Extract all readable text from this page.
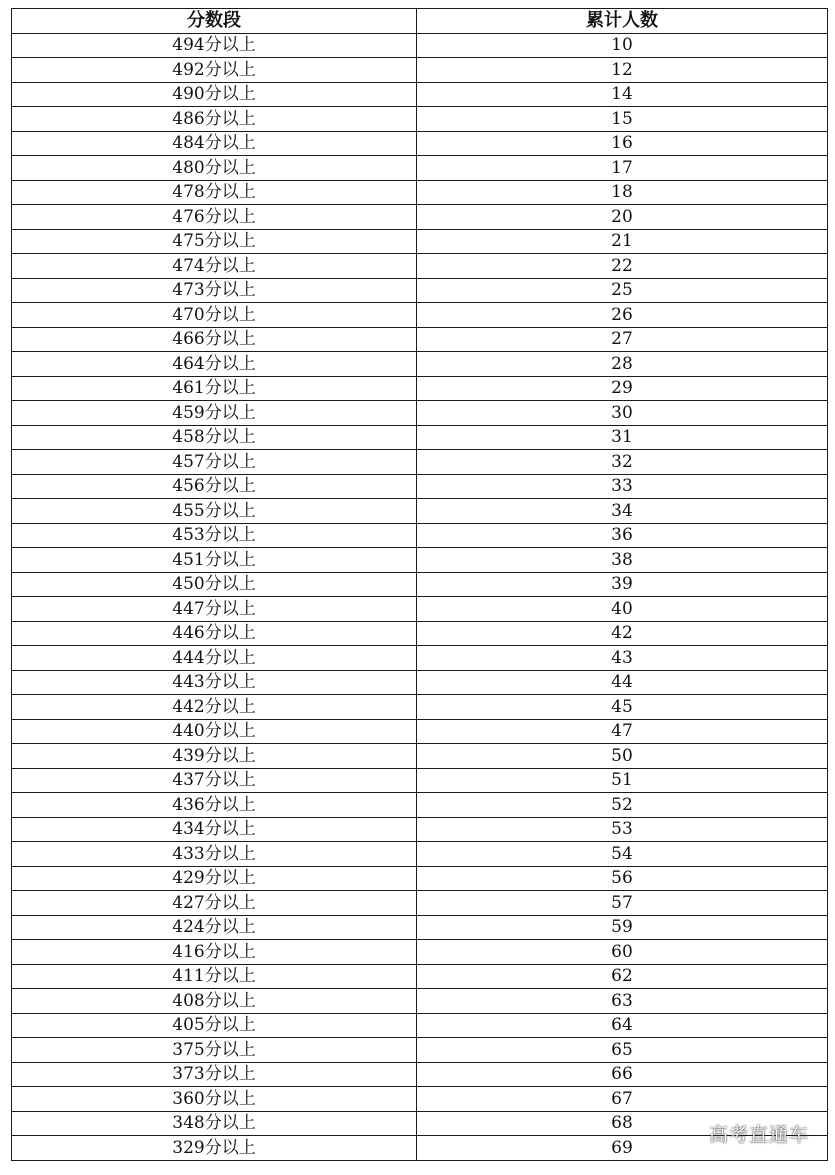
分数段	累计人数
494分以上	10
492分以上	12
490分以上	14
486分以上	15
484分以上	16
480分以上	17
478分以上	18
476分以上	20
475分以上	21
474分以上	22
473分以上	25
470分以上	26
466分以上	27
464分以上	28
461分以上	29
459分以上	30
458分以上	31
457分以上	32
456分以上	33
455分以上	34
453分以上	36
451分以上	38
450分以上	39
447分以上	40
446分以上	42
444分以上	43
443分以上	44
442分以上	45
440分以上	47
439分以上	50
437分以上	51
436分以上	52
434分以上	53
433分以上	54
429分以上	56
427分以上	57
424分以上	59
416分以上	60
411分以上	62
408分以上	63
405分以上	64
375分以上	65
373分以上	66
360分以上	67
348分以上	68
329分以上	69
高考直通车
